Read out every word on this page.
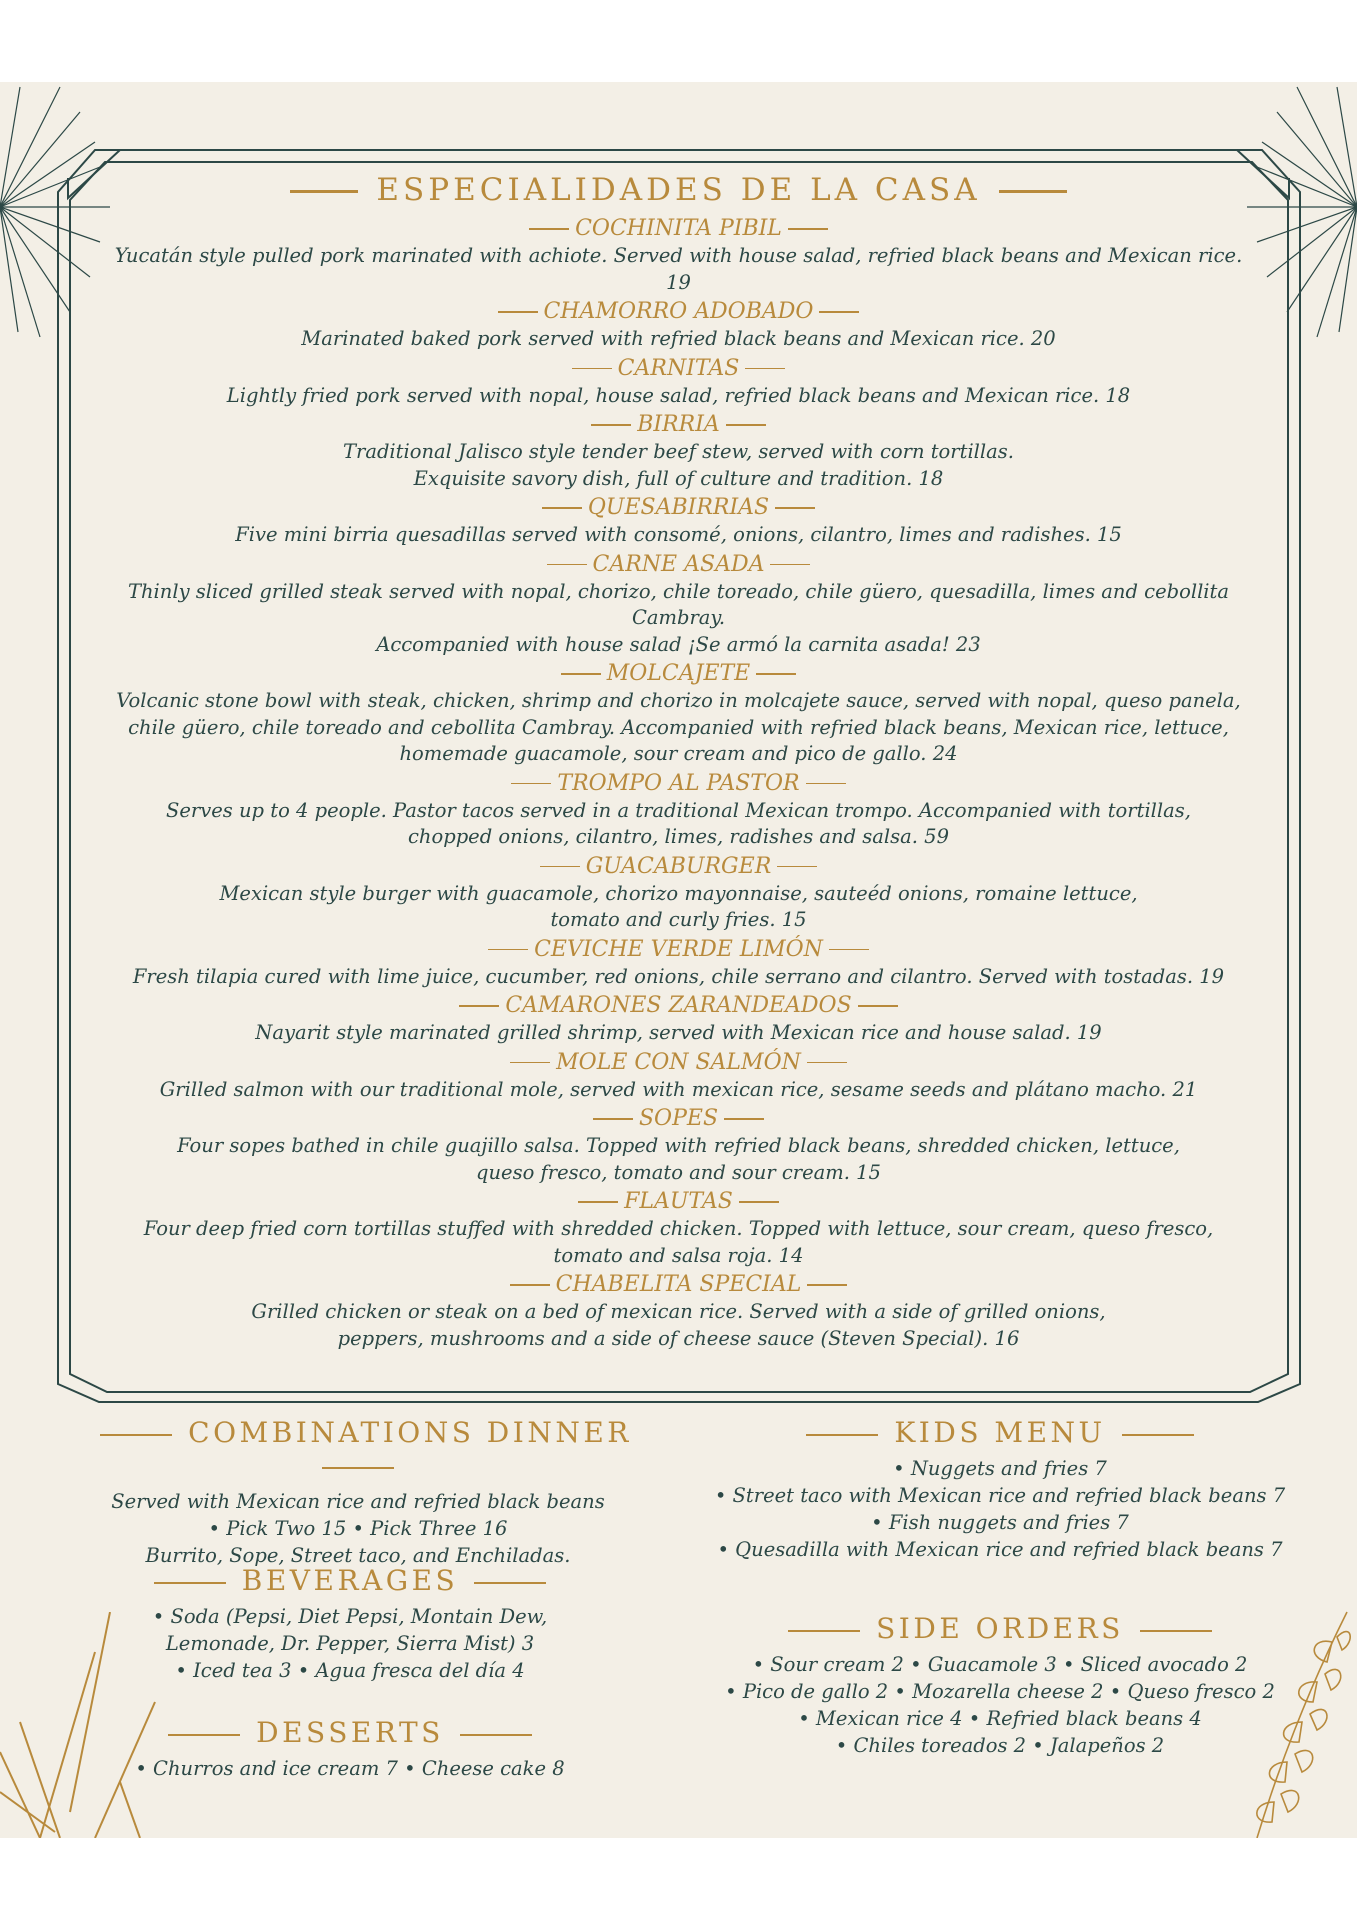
ESPECIALIDADES DE LA CASA
COCHINITA PIBIL
Yucatán style pulled pork marinated with achiote. Served with house salad, refried black beans and Mexican rice. 19
CHAMORRO ADOBADO
Marinated baked pork served with refried black beans and Mexican rice. 20
CARNITAS
Lightly fried pork served with nopal, house salad, refried black beans and Mexican rice. 18
BIRRIA
Traditional Jalisco style tender beef stew, served with corn tortillas.
Exquisite savory dish, full of culture and tradition. 18
QUESABIRRIAS
Five mini birria quesadillas served with consomé, onions, cilantro, limes and radishes. 15
CARNE ASADA
Thinly sliced grilled steak served with nopal, chorizo, chile toreado, chile güero, quesadilla, limes and cebollita Cambray.
Accompanied with house salad ¡Se armó la carnita asada! 23
MOLCAJETE
Volcanic stone bowl with steak, chicken, shrimp and chorizo in molcajete sauce, served with nopal, queso panela,
chile güero, chile toreado and cebollita Cambray. Accompanied with refried black beans, Mexican rice, lettuce,
homemade guacamole, sour cream and pico de gallo. 24
TROMPO AL PASTOR
Serves up to 4 people. Pastor tacos served in a traditional Mexican trompo. Accompanied with tortillas,
chopped onions, cilantro, limes, radishes and salsa. 59
GUACABURGER
Mexican style burger with guacamole, chorizo mayonnaise, sauteéd onions, romaine lettuce,
tomato and curly fries. 15
CEVICHE VERDE LIMÓN
Fresh tilapia cured with lime juice, cucumber, red onions, chile serrano and cilantro. Served with tostadas. 19
CAMARONES ZARANDEADOS
Nayarit style marinated grilled shrimp, served with Mexican rice and house salad. 19
MOLE CON SALMÓN
Grilled salmon with our traditional mole, served with mexican rice, sesame seeds and plátano macho. 21
SOPES
Four sopes bathed in chile guajillo salsa. Topped with refried black beans, shredded chicken, lettuce,
queso fresco, tomato and sour cream. 15
FLAUTAS
Four deep fried corn tortillas stuffed with shredded chicken. Topped with lettuce, sour cream, queso fresco,
tomato and salsa roja. 14
CHABELITA SPECIAL
Grilled chicken or steak on a bed of mexican rice. Served with a side of grilled onions,
peppers, mushrooms and a side of cheese sauce (Steven Special). 16
COMBINATIONS DINNER
Served with Mexican rice and refried black beans
• Pick Two 15 • Pick Three 16
Burrito, Sope, Street taco, and Enchiladas.
BEVERAGES
• Soda (Pepsi, Diet Pepsi, Montain Dew,
Lemonade, Dr. Pepper, Sierra Mist) 3
• Iced tea 3 • Agua fresca del día 4
DESSERTS
• Churros and ice cream 7 • Cheese cake 8
KIDS MENU
• Nuggets and fries 7
• Street taco with Mexican rice and refried black beans 7
• Fish nuggets and fries 7
• Quesadilla with Mexican rice and refried black beans 7
SIDE ORDERS
• Sour cream 2 • Guacamole 3 • Sliced avocado 2
• Pico de gallo 2 • Mozarella cheese 2 • Queso fresco 2
• Mexican rice 4 • Refried black beans 4
• Chiles toreados 2 • Jalapeños 2
